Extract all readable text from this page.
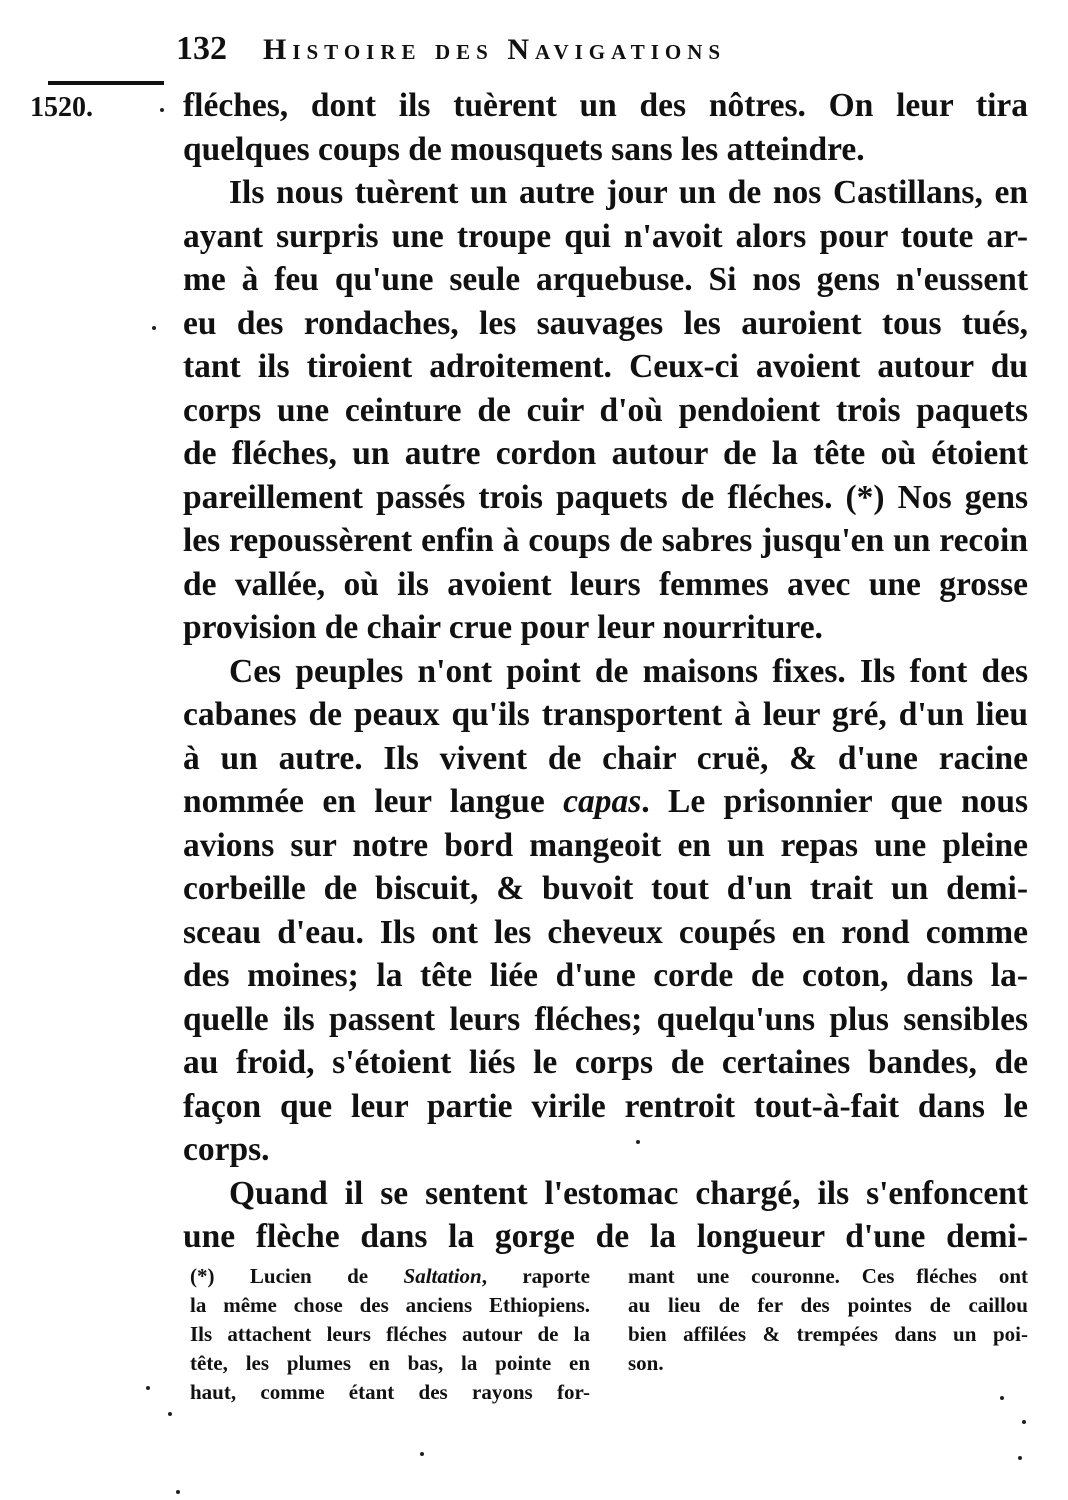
132 Histoire des Navigations
1520.	fléches, dont ils tuèrent un des nôtres. On leur tira
quelques coups de mousquets sans les atteindre.
Ils nous tuèrent un autre jour un de nos Castillans, en
ayant surpris une troupe qui n'avoit alors pour toute ar-
me à feu qu'une seule arquebuse. Si nos gens n'eussent
eu des rondaches, les sauvages les auroient tous tués,
tant ils tiroient adroitement. Ceux-ci avoient autour du
corps une ceinture de cuir d'où pendoient trois paquets
de fléches, un autre cordon autour de la tête où étoient
pareillement passés trois paquets de fléches. (*) Nos gens
les repoussèrent enfin à coups de sabres jusqu'en un recoin
de vallée, où ils avoient leurs femmes avec une grosse
provision de chair crue pour leur nourriture.
Ces peuples n'ont point de maisons fixes. Ils font des
cabanes de peaux qu'ils transportent à leur gré, d'un lieu
à un autre. Ils vivent de chair cruë, & d'une racine
nommée en leur langue capas. Le prisonnier que nous
avions sur notre bord mangeoit en un repas une pleine
corbeille de biscuit, & buvoit tout d'un trait un demi-
sceau d'eau. Ils ont les cheveux coupés en rond comme
des moines; la tête liée d'une corde de coton, dans la-
quelle ils passent leurs fléches; quelqu'uns plus sensibles
au froid, s'étoient liés le corps de certaines bandes, de
façon que leur partie virile rentroit tout-à-fait dans le
corps.
Quand il se sentent l'estomac chargé, ils s'enfoncent
une flèche dans la gorge de la longueur d'une demi-
(*) Lucien de Saltation, raporte
la même chose des anciens Ethiopiens.
Ils attachent leurs fléches autour de la
tête, les plumes en bas, la pointe en
haut, comme étant des rayons for-
mant une couronne. Ces fléches ont
au lieu de fer des pointes de caillou
bien affilées & trempées dans un poi-
son.
